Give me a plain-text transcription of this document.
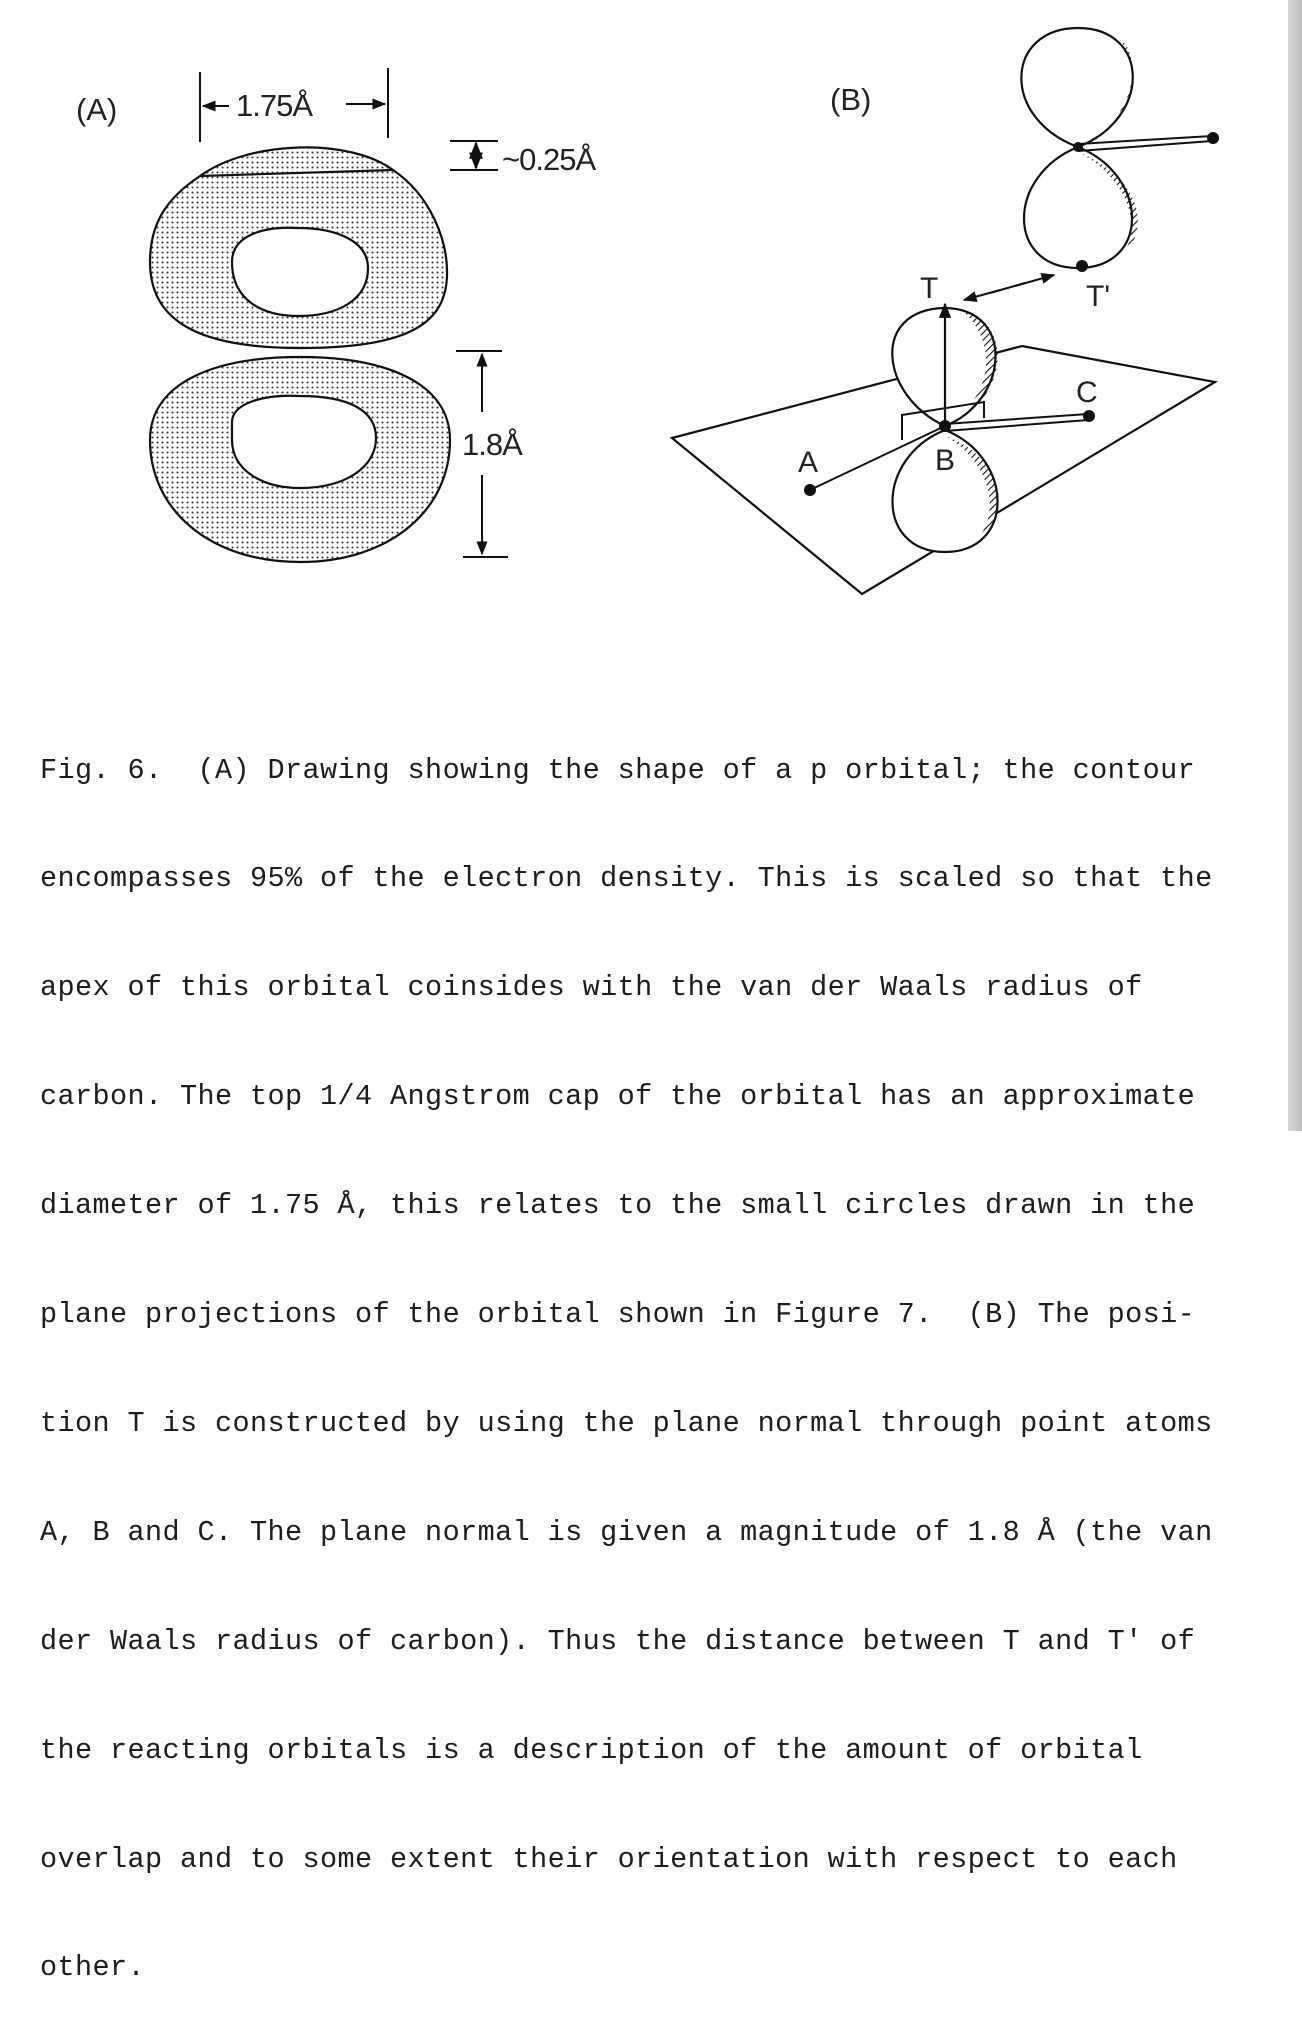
(A)	1.75Å
~0.25Å
1.8Å
(B)
T	T'
A	B
C

Fig. 6.  (A) Drawing showing the shape of a p orbital; the contour

encompasses 95% of the electron density. This is scaled so that the

apex of this orbital coinsides with the van der Waals radius of

carbon. The top 1/4 Angstrom cap of the orbital has an approximate

diameter of 1.75 Å, this relates to the small circles drawn in the

plane projections of the orbital shown in Figure 7.  (B) The posi-

tion T is constructed by using the plane normal through point atoms

A, B and C. The plane normal is given a magnitude of 1.8 Å (the van

der Waals radius of carbon). Thus the distance between T and T' of

the reacting orbitals is a description of the amount of orbital

overlap and to some extent their orientation with respect to each

other.
